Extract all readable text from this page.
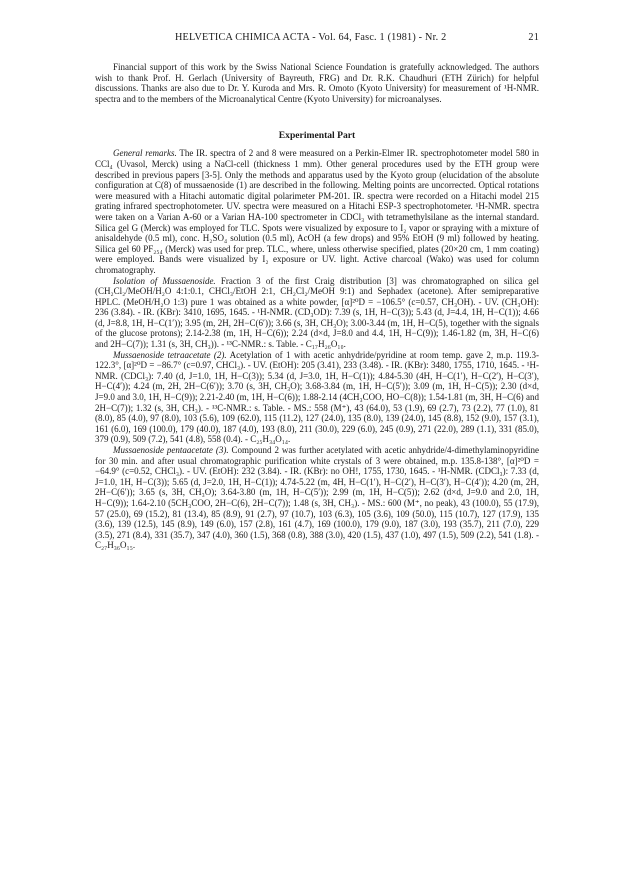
HELVETICA CHIMICA ACTA - Vol. 64, Fasc. 1 (1981) - Nr. 2	21

Financial support of this work by the Swiss National Science Foundation is gratefully acknowledged. The authors wish to thank Prof. H. Gerlach (University of Bayreuth, FRG) and Dr. R.K. Chaudhuri (ETH Zürich) for helpful discussions. Thanks are also due to Dr. Y. Kuroda and Mrs. R. Omoto (Kyoto University) for measurement of ¹H-NMR. spectra and to the members of the Microanalytical Centre (Kyoto University) for microanalyses.

Experimental Part

General remarks. The IR. spectra of 2 and 8 were measured on a Perkin-Elmer IR. spectrophotometer model 580 in CCl₄ (Uvasol, Merck) using a NaCl-cell (thickness 1 mm). Other general procedures used by the ETH group were described in previous papers [3-5]. Only the methods and apparatus used by the Kyoto group (elucidation of the absolute configuration at C(8) of mussaenoside (1) are described in the following. Melting points are uncorrected. Optical rotations were measured with a Hitachi automatic digital polarimeter PM-201. IR. spectra were recorded on a Hitachi model 215 grating infrared spectrophotometer. UV. spectra were measured on a Hitachi ESP-3 spectrophotometer. ¹H-NMR. spectra were taken on a Varian A-60 or a Varian HA-100 spectrometer in CDCl₃ with tetramethylsilane as the internal standard. Silica gel G (Merck) was employed for TLC. Spots were visualized by exposure to I₂ vapor or spraying with a mixture of anisaldehyde (0.5 ml), conc. H₂SO₄ solution (0.5 ml), AcOH (a few drops) and 95% EtOH (9 ml) followed by heating. Silica gel 60 PF₂₅₄ (Merck) was used for prep. TLC., where, unless otherwise specified, plates (20×20 cm, 1 mm coating) were employed. Bands were visualized by I₂ exposure or UV. light. Active charcoal (Wako) was used for column chromatography.

Isolation of Mussaenoside. Fraction 3 of the first Craig distribution [3] was chromatographed on silica gel (CH₂Cl₂/MeOH/H₂O 4:1:0.1, CHCl₃/EtOH 2:1, CH₂Cl₂/MeOH 9:1) and Sephadex (acetone). After semipreparative HPLC. (MeOH/H₂O 1:3) pure 1 was obtained as a white powder, [α]²⁰D = −106.5° (c=0.57, CH₃OH). - UV. (CH₃OH): 236 (3.84). - IR. (KBr): 3410, 1695, 1645. - ¹H-NMR. (CD₃OD): 7.39 (s, 1H, H−C(3)); 5.43 (d, J=4.4, 1H, H−C(1)); 4.66 (d, J=8.8, 1H, H−C(1′)); 3.95 (m, 2H, 2H−C(6′)); 3.66 (s, 3H, CH₃O); 3.00-3.44 (m, 1H, H−C(5), together with the signals of the glucose protons); 2.14-2.38 (m, 1H, H−C(6)); 2.24 (d×d, J=8.0 and 4.4, 1H, H−C(9)); 1.46-1.82 (m, 3H, H−C(6) and 2H−C(7)); 1.31 (s, 3H, CH₃)). - ¹³C-NMR.: s. Table. - C₁₇H₂₆O₁₀.

Mussaenoside tetraacetate (2). Acetylation of 1 with acetic anhydride/pyridine at room temp. gave 2, m.p. 119.3-122.3°, [α]²⁰D = −86.7° (c=0.97, CHCl₃). - UV. (EtOH): 205 (3.41), 233 (3.48). - IR. (KBr): 3480, 1755, 1710, 1645. - ¹H-NMR. (CDCl₃): 7.40 (d, J=1.0, 1H, H−C(3)); 5.34 (d, J=3.0, 1H, H−C(1)); 4.84-5.30 (4H, H−C(1′), H−C(2′), H−C(3′), H−C(4′)); 4.24 (m, 2H, 2H−C(6′)); 3.70 (s, 3H, CH₃O); 3.68-3.84 (m, 1H, H−C(5′)); 3.09 (m, 1H, H−C(5)); 2.30 (d×d, J=9.0 and 3.0, 1H, H−C(9)); 2.21-2.40 (m, 1H, H−C(6)); 1.88-2.14 (4CH₃COO, HO−C(8)); 1.54-1.81 (m, 3H, H−C(6) and 2H−C(7)); 1.32 (s, 3H, CH₃). - ¹³C-NMR.: s. Table. - MS.: 558 (M⁺), 43 (64.0), 53 (1.9), 69 (2.7), 73 (2.2), 77 (1.0), 81 (8.0), 85 (4.0), 97 (8.0), 103 (5.6), 109 (62.0), 115 (11.2), 127 (24.0), 135 (8.0), 139 (24.0), 145 (8.8), 152 (9.0), 157 (3.1), 161 (6.0), 169 (100.0), 179 (40.0), 187 (4.0), 193 (8.0), 211 (30.0), 229 (6.0), 245 (0.9), 271 (22.0), 289 (1.1), 331 (85.0), 379 (0.9), 509 (7.2), 541 (4.8), 558 (0.4). - C₂₅H₃₄O₁₄.

Mussaenoside pentaacetate (3). Compound 2 was further acetylated with acetic anhydride/4-dimethylaminopyridine for 30 min. and after usual chromatographic purification white crystals of 3 were obtained, m.p. 135.8-138°, [α]²⁰D = −64.9° (c=0.52, CHCl₃). - UV. (EtOH): 232 (3.84). - IR. (KBr): no OH!, 1755, 1730, 1645. - ¹H-NMR. (CDCl₃): 7.33 (d, J=1.0, 1H, H−C(3)); 5.65 (d, J=2.0, 1H, H−C(1)); 4.74-5.22 (m, 4H, H−C(1′), H−C(2′), H−C(3′), H−C(4′)); 4.20 (m, 2H, 2H−C(6′)); 3.65 (s, 3H, CH₃O); 3.64-3.80 (m, 1H, H−C(5′)); 2.99 (m, 1H, H−C(5)); 2.62 (d×d, J=9.0 and 2.0, 1H, H−C(9)); 1.64-2.10 (5CH₃COO, 2H−C(6), 2H−C(7)); 1.48 (s, 3H, CH₃). - MS.: 600 (M⁺, no peak), 43 (100.0), 55 (17.9), 57 (25.0), 69 (15.2), 81 (13.4), 85 (8.9), 91 (2.7), 97 (10.7), 103 (6.3), 105 (3.6), 109 (50.0), 115 (10.7), 127 (17.9), 135 (3.6), 139 (12.5), 145 (8.9), 149 (6.0), 157 (2.8), 161 (4.7), 169 (100.0), 179 (9.0), 187 (3.0), 193 (35.7), 211 (7.0), 229 (3.5), 271 (8.4), 331 (35.7), 347 (4.0), 360 (1.5), 368 (0.8), 388 (3.0), 420 (1.5), 437 (1.0), 497 (1.5), 509 (2.2), 541 (1.8). - C₂₇H₃₆O₁₅.
